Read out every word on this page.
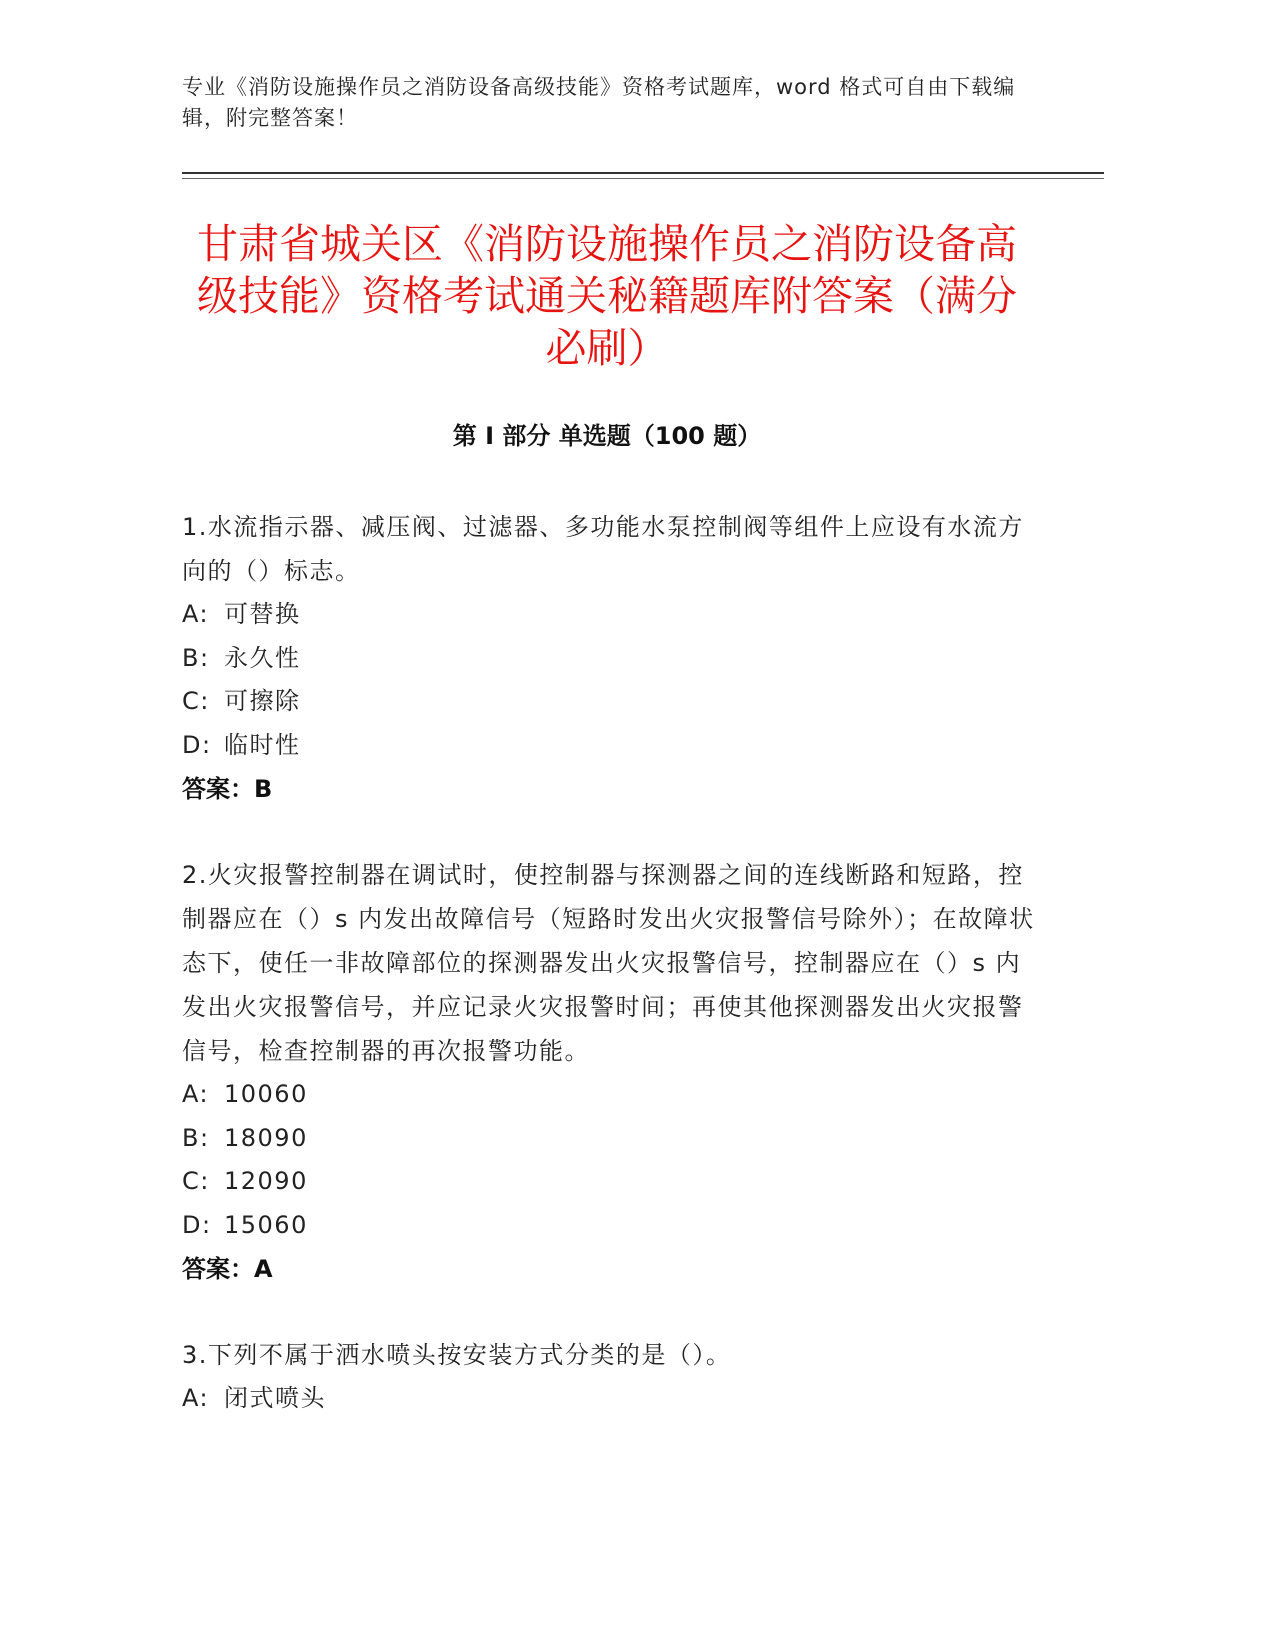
专业《消防设施操作员之消防设备高级技能》资格考试题库，word 格式可自由下载编辑，附完整答案！
甘肃省城关区《消防设施操作员之消防设备高级技能》资格考试通关秘籍题库附答案（满分必刷）
第 I 部分 单选题（100 题）
1.水流指示器、减压阀、过滤器、多功能水泵控制阀等组件上应设有水流方向的（）标志。
A: 可替换
B: 永久性
C: 可擦除
D: 临时性
答案：B
2.火灾报警控制器在调试时，使控制器与探测器之间的连线断路和短路，控制器应在（）s 内发出故障信号（短路时发出火灾报警信号除外）；在故障状态下，使任一非故障部位的探测器发出火灾报警信号，控制器应在（）s 内发出火灾报警信号，并应记录火灾报警时间；再使其他探测器发出火灾报警信号，检查控制器的再次报警功能。
A: 10060
B: 18090
C: 12090
D: 15060
答案：A
3.下列不属于洒水喷头按安装方式分类的是（）。
A: 闭式喷头
